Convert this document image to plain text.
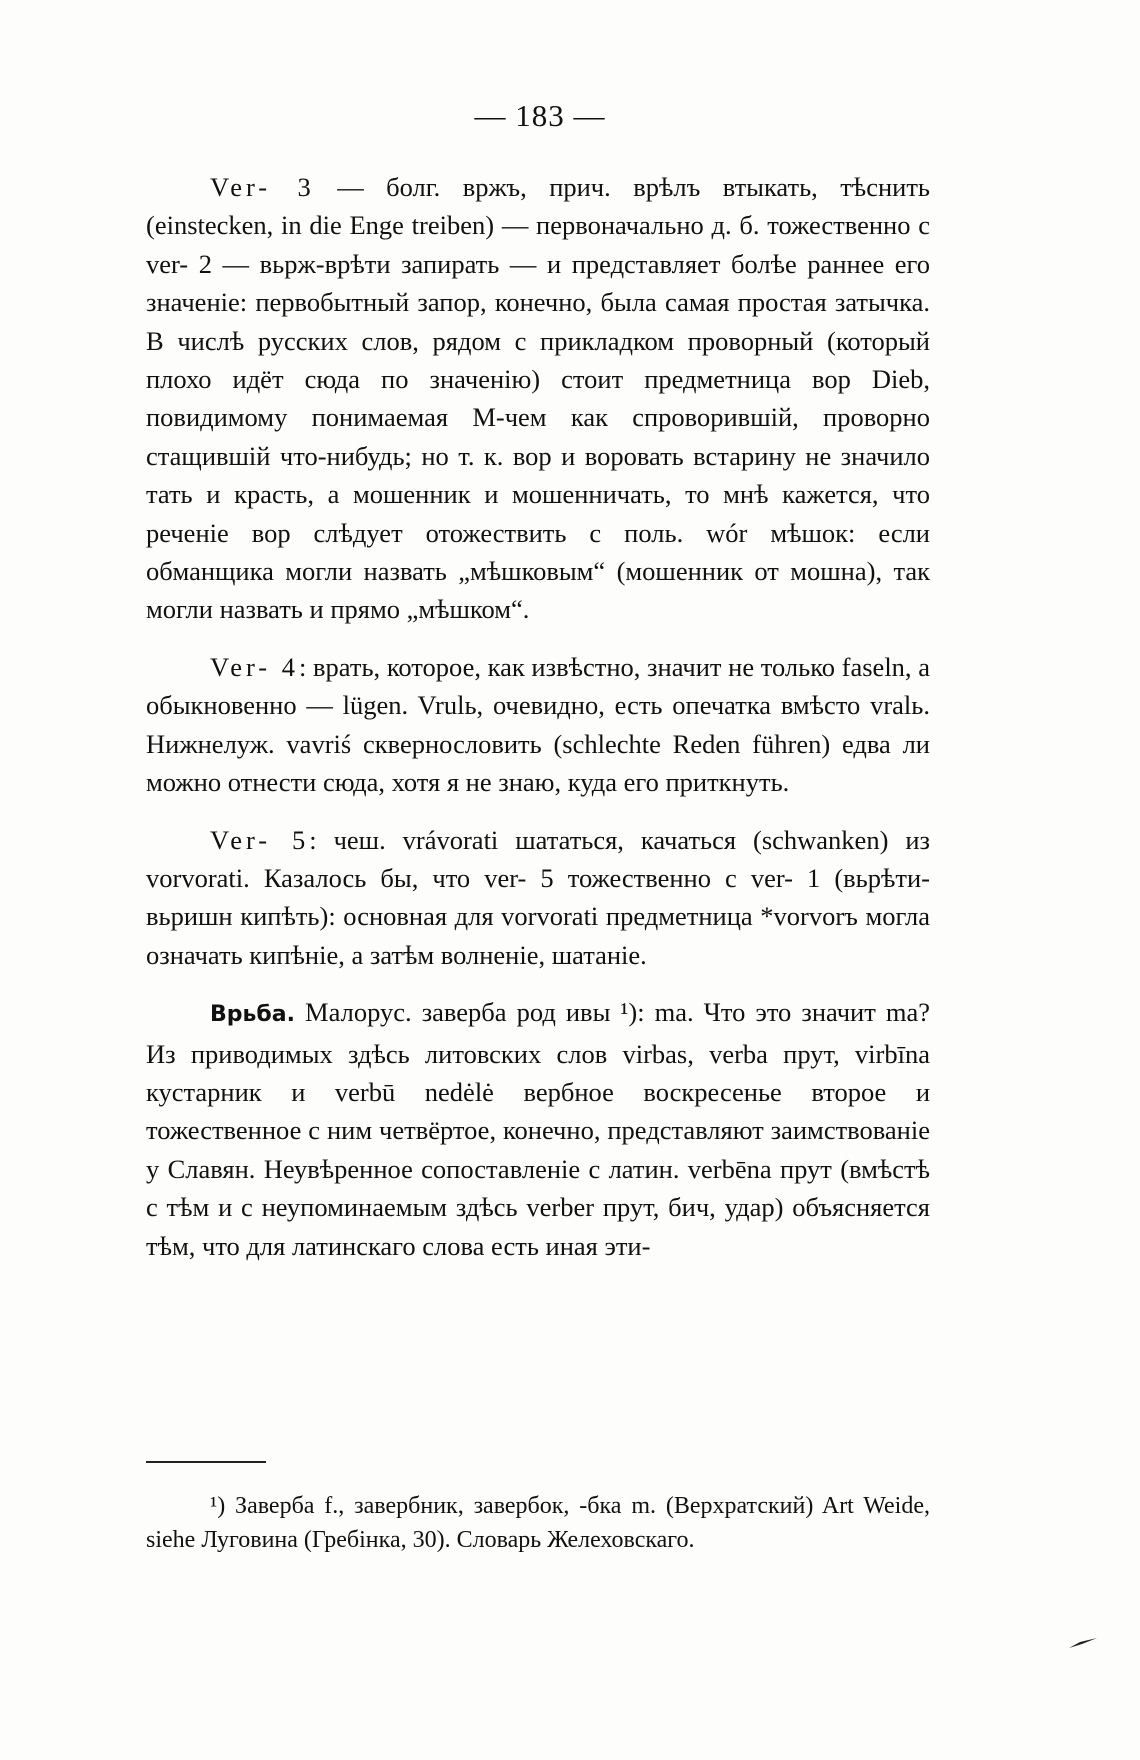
— 183 —

Ver- 3 — болг. вржъ, прич. врѣлъ втыкать, тѣснить (einstecken, in die Enge treiben) — первоначально д. б. тожественно с ver- 2 — вьрж-врѣти запирать — и представляет болѣе раннее его значеніе: первобытный запор, конечно, была самая простая затычка. В числѣ русских слов, рядом с прикладком проворный (который плохо идёт сюда по значенію) стоит предметница вор Dieb, повидимому понимаемая М-чем как спроворившій, проворно стащившій что-нибудь; но т. к. вор и воровать встарину не значило тать и красть, а мошенник и мошенничать, то мнѣ кажется, что реченіе вор слѣдует отожествить с поль. wór мѣшок: если обманщика могли назвать „мѣшковым“ (мошенник от мошна), так могли назвать и прямо „мѣшком“.

Ver- 4: врать, которое, как извѣстно, значит не только faseln, а обыкновенно — lügen. Vrulь, очевидно, есть опечатка вмѣсто vralь. Нижнелуж. vavriś сквернословить (schlechte Reden führen) едва ли можно отнести сюда, хотя я не знаю, куда его приткнуть.

Ver- 5: чеш. vrávorati шататься, качаться (schwanken) из vorvorati. Казалось бы, что ver- 5 тожественно с ver- 1 (вьрѣти-вьришн кипѣть): основная для vorvorati предметница *vorvorъ могла означать кипѣніе, а затѣм волненіе, шатаніе.

Врьба. Малорус. заверба род ивы ¹): ma. Что это значит ma? Из приводимых здѣсь литовских слов virbas, verba прут, virbīna кустарник и verbū nedėlė вербное воскресенье второе и тожественное с ним четвёртое, конечно, представляют заимствованіе у Славян. Неувѣренное сопоставленіе с латин. verbēna прут (вмѣстѣ с тѣм и с неупоминаемым здѣсь verber прут, бич, удар) объясняется тѣм, что для латинскаго слова есть иная эти-

¹) Заверба f., завербник, завербок, -бка m. (Верхратский) Art Weide, siehe Луговина (Гребінка, 30). Словарь Желеховскаго.
